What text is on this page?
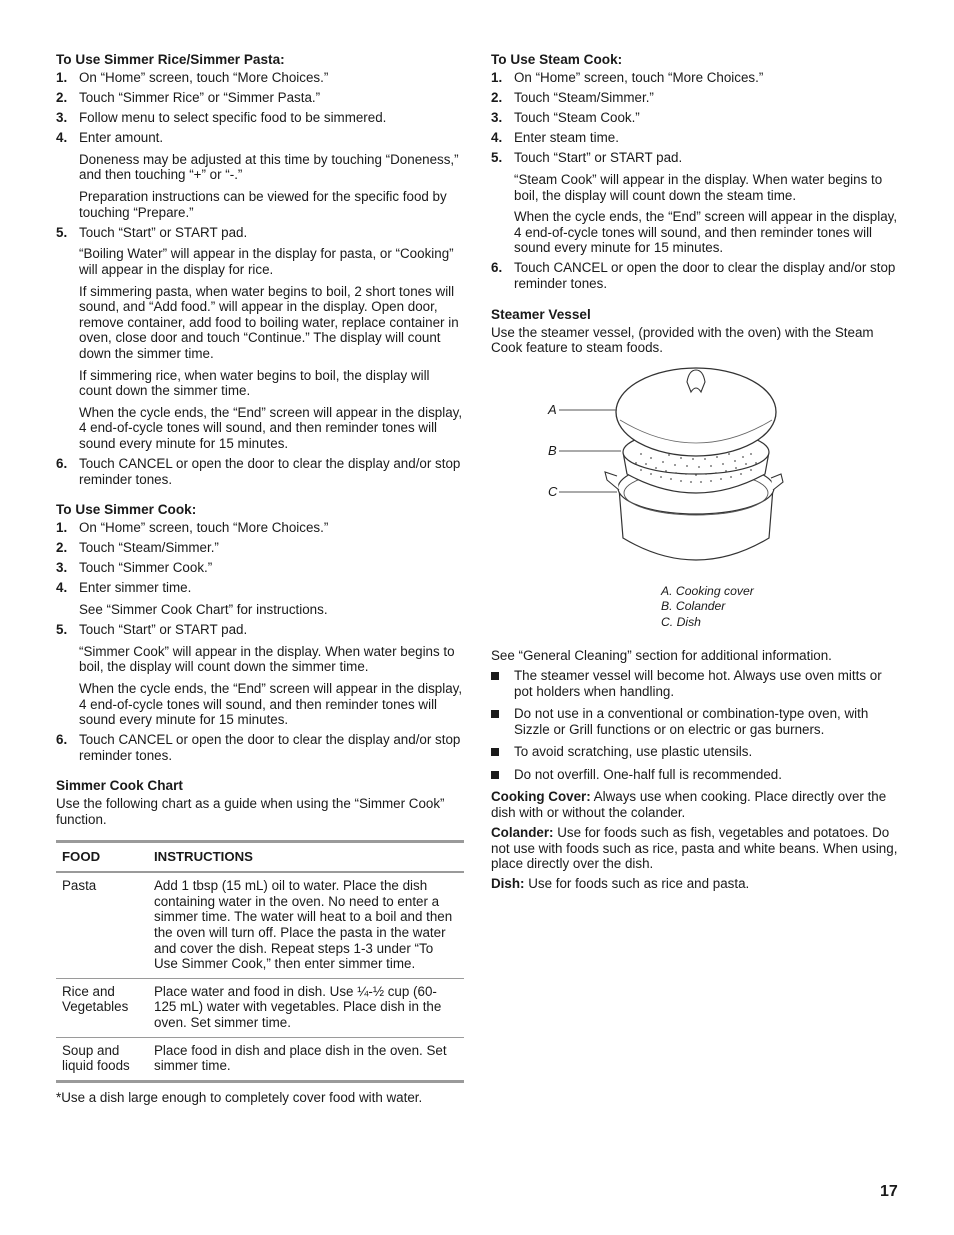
To Use Simmer Rice/Simmer Pasta:
1. On “Home” screen, touch “More Choices.”
2. Touch “Simmer Rice” or “Simmer Pasta.”
3. Follow menu to select specific food to be simmered.
4. Enter amount.

Doneness may be adjusted at this time by touching “Doneness,” and then touching “+” or “-.”

Preparation instructions can be viewed for the specific food by touching “Prepare.”

5. Touch “Start” or START pad.

“Boiling Water” will appear in the display for pasta, or “Cooking” will appear in the display for rice.

If simmering pasta, when water begins to boil, 2 short tones will sound, and “Add food.” will appear in the display. Open door, remove container, add food to boiling water, replace container in oven, close door and touch “Continue.” The display will count down the simmer time.

If simmering rice, when water begins to boil, the display will count down the simmer time.

When the cycle ends, the “End” screen will appear in the display, 4 end-of-cycle tones will sound, and then reminder tones will sound every minute for 15 minutes.

6. Touch CANCEL or open the door to clear the display and/or stop reminder tones.
To Use Simmer Cook:
1. On “Home” screen, touch “More Choices.”
2. Touch “Steam/Simmer.”
3. Touch “Simmer Cook.”
4. Enter simmer time.

See “Simmer Cook Chart” for instructions.

5. Touch “Start” or START pad.

“Simmer Cook” will appear in the display. When water begins to boil, the display will count down the simmer time.

When the cycle ends, the “End” screen will appear in the display, 4 end-of-cycle tones will sound, and then reminder tones will sound every minute for 15 minutes.

6. Touch CANCEL or open the door to clear the display and/or stop reminder tones.
Simmer Cook Chart

Use the following chart as a guide when using the “Simmer Cook” function.

FOOD	INSTRUCTIONS
Pasta	Add 1 tbsp (15 mL) oil to water. Place the dish containing water in the oven. No need to enter a simmer time. The water will heat to a boil and then the oven will turn off. Place the pasta in the water and cover the dish. Repeat steps 1-3 under “To Use Simmer Cook,” then enter simmer time.
Rice and Vegetables	Place water and food in dish. Use ¼-½ cup (60-125 mL) water with vegetables. Place dish in the oven. Set simmer time.
Soup and liquid foods	Place food in dish and place dish in the oven. Set simmer time.
*Use a dish large enough to completely cover food with water.
To Use Steam Cook:
1. On “Home” screen, touch “More Choices.”
2. Touch “Steam/Simmer.”
3. Touch “Steam Cook.”
4. Enter steam time.
5. Touch “Start” or START pad.

“Steam Cook” will appear in the display. When water begins to boil, the display will count down the steam time.

When the cycle ends, the “End” screen will appear in the display, 4 end-of-cycle tones will sound, and then reminder tones will sound every minute for 15 minutes.

6. Touch CANCEL or open the door to clear the display and/or stop reminder tones.
Steamer Vessel

Use the steamer vessel, (provided with the oven) with the Steam Cook feature to steam foods.

A
B
C
A. Cooking cover
B. Colander
C. Dish

See “General Cleaning” section for additional information.

The steamer vessel will become hot. Always use oven mitts or pot holders when handling.
Do not use in a conventional or combination-type oven, with Sizzle or Grill functions or on electric or gas burners.
To avoid scratching, use plastic utensils.
Do not overfill. One-half full is recommended.

Cooking Cover: Always use when cooking. Place directly over the dish with or without the colander.

Colander: Use for foods such as fish, vegetables and potatoes. Do not use with foods such as rice, pasta and white beans. When using, place directly over the dish.

Dish: Use for foods such as rice and pasta.

17
